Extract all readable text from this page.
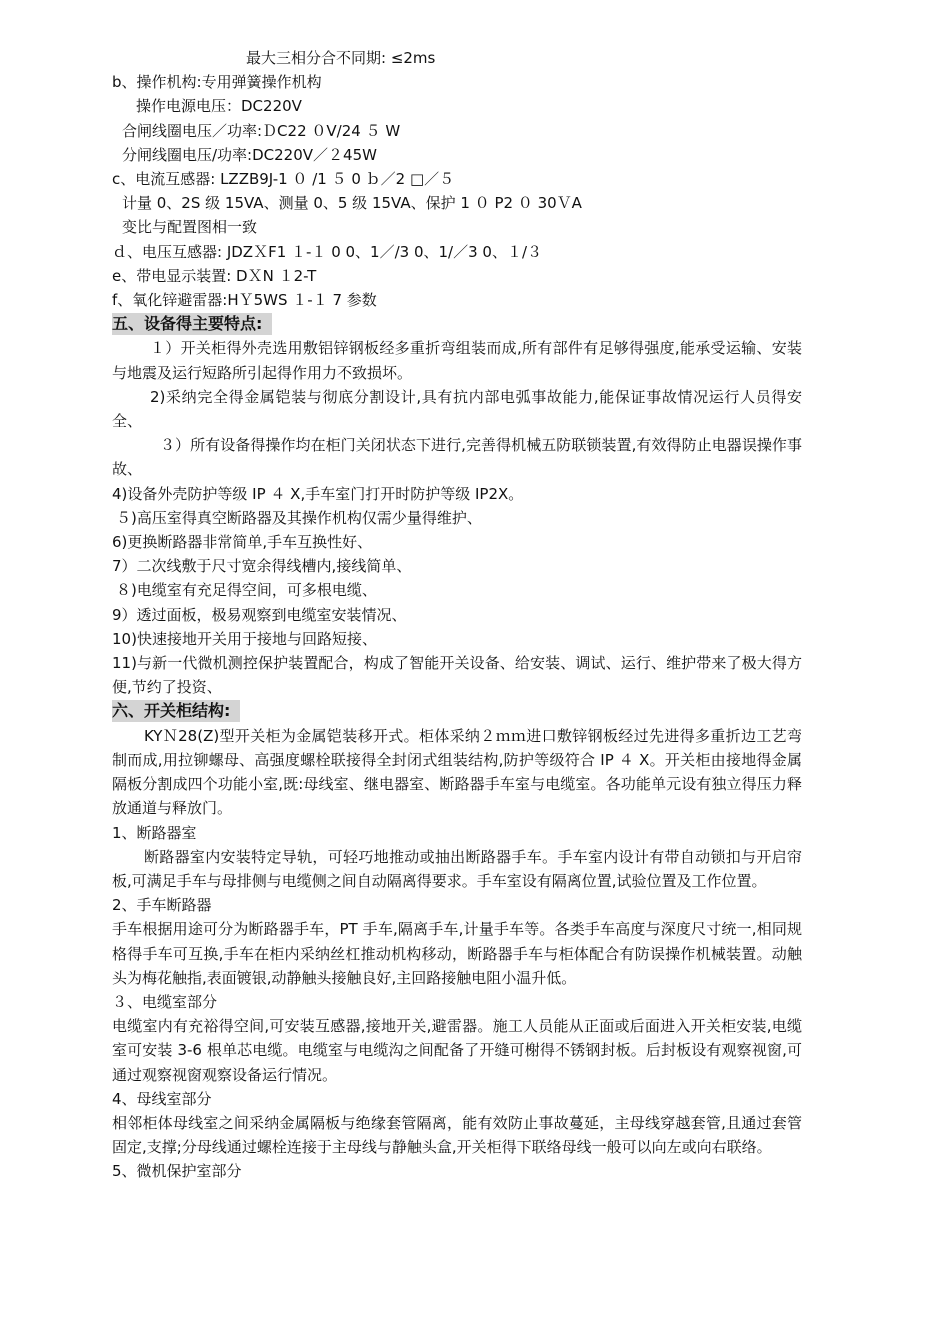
最大三相分合不同期: ≤2ms
b、操作机构:专用弹簧操作机构
操作电源电压：DC220V
合闸线圈电压／功率:ＤC22 ０V/24 ５ W
分闸线圈电压/功率:DC220V／２45W
c、电流互感器: LZZB9J-1 ０ /1 ５ 0 ｂ／2 □／５
计量 0、2S 级 15VA、测量 0、5 级 15VA、保护 1 ０ P2 ０ 30ＶA
变比与配置图相一致
ｄ、电压互感器: JDZＸF1 １-１ 0 0、1／/3 0、1/／3 0、１/３
e、带电显示装置: DＸN １2-T
f、氧化锌避雷器:HＹ5WS １-１ 7 参数
五、设备得主要特点:
１）开关柜得外壳选用敷铝锌钢板经多重折弯组装而成,所有部件有足够得强度,能承受运输、安装与地震及运行短路所引起得作用力不致损坏。
2)采纳完全得金属铠装与彻底分割设计,具有抗内部电弧事故能力,能保证事故情况运行人员得安全、
３）所有设备得操作均在柜门关闭状态下进行,完善得机械五防联锁装置,有效得防止电器误操作事故、
4)设备外壳防护等级 IP ４ X,手车室门打开时防护等级 IP2X。
５)高压室得真空断路器及其操作机构仅需少量得维护、
6)更换断路器非常简单,手车互换性好、
7）二次线敷于尺寸宽余得线槽内,接线简单、
８)电缆室有充足得空间，可多根电缆、
9）透过面板，极易观察到电缆室安装情况、
10)快速接地开关用于接地与回路短接、
11)与新一代微机测控保护装置配合，构成了智能开关设备、给安装、调试、运行、维护带来了极大得方便,节约了投资、
六、开关柜结构:
KYＮ28(Z)型开关柜为金属铠装移开式。柜体采纳２ｍｍ进口敷锌钢板经过先进得多重折边工艺弯制而成,用拉铆螺母、高强度螺栓联接得全封闭式组装结构,防护等级符合 IP ４ X。开关柜由接地得金属隔板分割成四个功能小室,既:母线室、继电器室、断路器手车室与电缆室。各功能单元设有独立得压力释放通道与释放门。
1、断路器室
断路器室内安装特定导轨，可轻巧地推动或抽出断路器手车。手车室内设计有带自动锁扣与开启帘板,可满足手车与母排侧与电缆侧之间自动隔离得要求。手车室设有隔离位置,试验位置及工作位置。
2、手车断路器
手车根据用途可分为断路器手车，PT 手车,隔离手车,计量手车等。各类手车高度与深度尺寸统一,相同规格得手车可互换,手车在柜内采纳丝杠推动机构移动，断路器手车与柜体配合有防误操作机械装置。动触头为梅花触指,表面镀银,动静触头接触良好,主回路接触电阻小温升低。
３、电缆室部分
电缆室内有充裕得空间,可安装互感器,接地开关,避雷器。施工人员能从正面或后面进入开关柜安装,电缆室可安装 3-6 根单芯电缆。电缆室与电缆沟之间配备了开缝可榭得不锈钢封板。后封板设有观察视窗,可通过观察视窗观察设备运行情况。
4、母线室部分
相邻柜体母线室之间采纳金属隔板与绝缘套管隔离，能有效防止事故蔓延，主母线穿越套管,且通过套管固定,支撑;分母线通过螺栓连接于主母线与静触头盒,开关柜得下联络母线一般可以向左或向右联络。
5、微机保护室部分
